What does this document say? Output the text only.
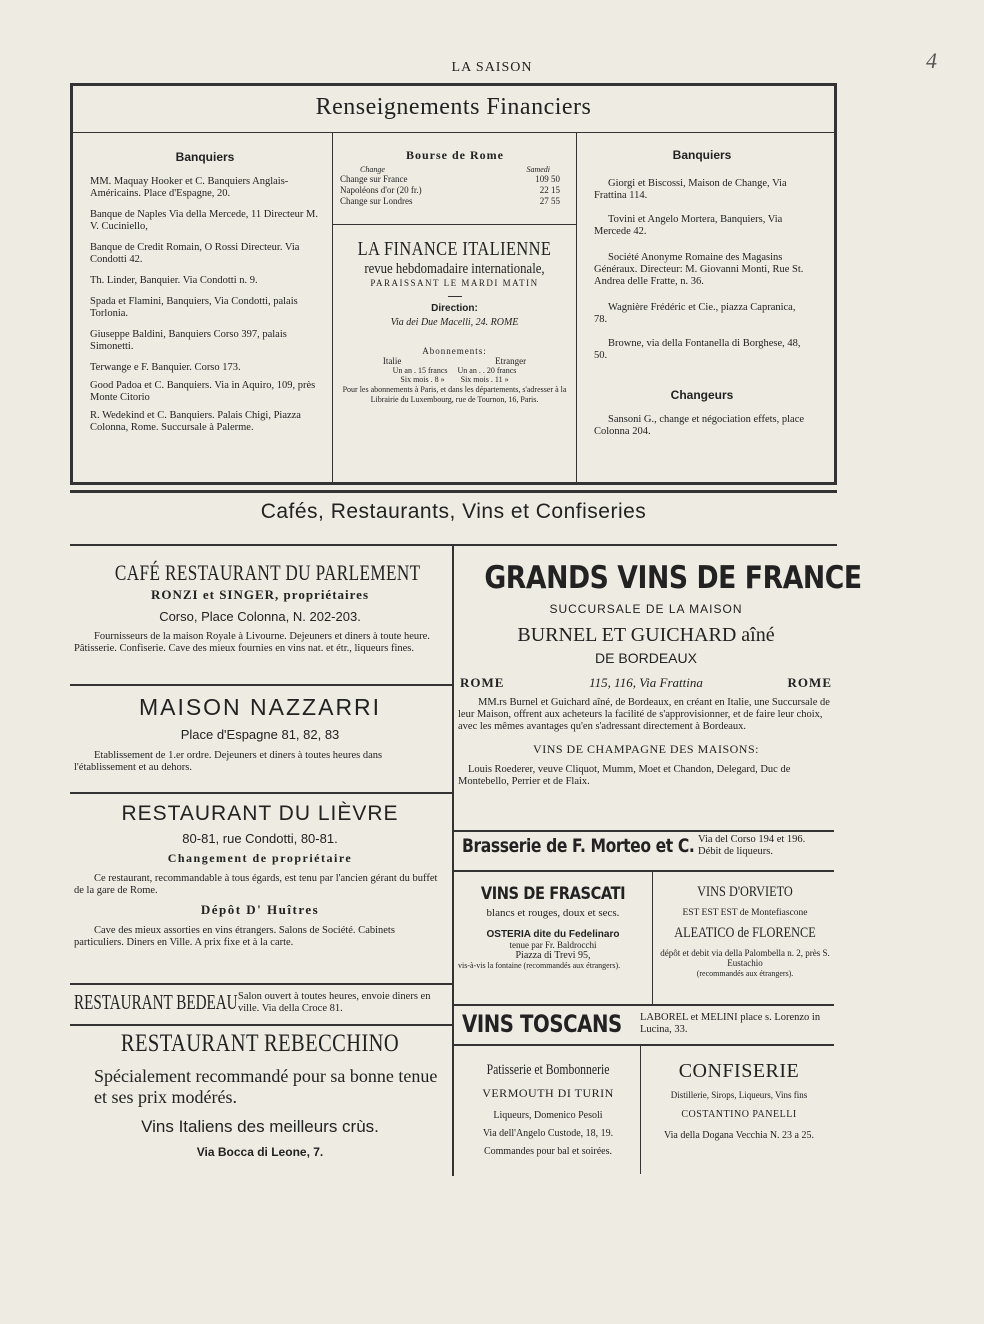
LA SAISON	4
Renseignements Financiers
Banquiers

MM. Maquay Hooker et C. Banquiers Anglais-Américains. Place d'Espagne, 20.

Banque de Naples Via della Mercede, 11 Directeur M. V. Cuciniello,

Banque de Credit Romain, O Rossi Directeur. Via Condotti 42.

Th. Linder, Banquier. Via Condotti n. 9.

Spada et Flamini, Banquiers, Via Condotti, palais Torlonia.

Giuseppe Baldini, Banquiers Corso 397, palais Simonetti.

Terwange e F. Banquier. Corso 173.

Good Padoa et C. Banquiers. Via in Aquiro, 109, près Monte Citorio

R. Wedekind et C. Banquiers. Palais Chigi, Piazza Colonna, Rome. Succursale à Palerme.

Bourse de Rome
Change	Samedi
Change sur France	109 50
Napoléons d'or (20 fr.)	22 15
Change sur Londres	27 55
LA FINANCE ITALIENNE
revue hebdomadaire internationale,
PARAISSANT LE MARDI MATIN
Direction:
Via dei Due Macelli, 24. ROME
Abonnements:
Italie	Etranger
Un an . 15 francs     Un an . . 20 francs
Six mois . 8 »        Six mois . 11 »
Pour les abonnements à Paris, et dans les départements, s'adresser à la Librairie du Luxembourg, rue de Tournon, 16, Paris.
Banquiers

Giorgi et Biscossi, Maison de Change, Via Frattina 114.

Tovini et Angelo Mortera, Banquiers, Via Mercede 42.

Société Anonyme Romaine des Magasins Généraux. Directeur: M. Giovanni Monti, Rue St. Andrea delle Fratte, n. 36.

Wagnière Frédéric et Cie., piazza Capranica, 78.

Browne, via della Fontanella di Borghese, 48, 50.

Changeurs

Sansoni G., change et négociation effets, place Colonna 204.

Cafés, Restaurants, Vins et Confiseries
CAFÉ RESTAURANT DU PARLEMENT
RONZI et SINGER, propriétaires
Corso, Place Colonna, N. 202-203.

Fournisseurs de la maison Royale à Livourne. Dejeuners et diners à toute heure. Pâtisserie. Confiserie. Cave des mieux fournies en vins nat. et étr., liqueurs fines.

MAISON NAZZARRI
Place d'Espagne 81, 82, 83

Etablissement de 1.er ordre. Dejeuners et diners à toutes heures dans l'établissement et au dehors.

RESTAURANT DU LIÈVRE
80-81, rue Condotti, 80-81.
Changement de propriétaire

Ce restaurant, recommandable à tous égards, est tenu par l'ancien gérant du buffet de la gare de Rome.

Dépôt D' Huîtres

Cave des mieux assorties en vins étrangers. Salons de Société. Cabinets particuliers. Diners en Ville. A prix fixe et à la carte.

RESTAURANT BEDEAU Salon ouvert à toutes heures, envoie diners en ville. Via della Croce 81.

RESTAURANT REBECCHINO

Spécialement recommandé pour sa bonne tenue et ses prix modérés.

Vins Italiens des meilleurs crùs.
Via Bocca di Leone, 7.
GRANDS VINS DE FRANCE
SUCCURSALE DE LA MAISON
BURNEL ET GUICHARD aîné
DE BORDEAUX
ROME	115, 116, Via Frattina	ROME

MM.rs Burnel et Guichard aîné, de Bordeaux, en créant en Italie, une Succursale de leur Maison, offrent aux acheteurs la facilité de s'approvisionner, et de faire leur choix, avec les mêmes avantages qu'en s'adressant directement à Bordeaux.

VINS DE CHAMPAGNE DES MAISONS:

Louis Roederer, veuve Cliquot, Mumm, Moet et Chandon, Delegard, Duc de Montebello, Perrier et de Flaix.

Brasserie de F. Morteo et C. Via del Corso 194 et 196. Débit de liqueurs.

VINS DE FRASCATI
blancs et rouges, doux et secs.
OSTERIA dite du Fedelinaro
tenue par Fr. Baldrocchi
Piazza di Trevi 95,

vis-à-vis la fontaine (recommandés aux étrangers).

VINS D'ORVIETO
EST EST EST de Montefiascone
ALEATICO de FLORENCE

dépôt et debit via della Palombella n. 2, près S. Eustachio

(recommandés aux étrangers).
VINS TOSCANS	LABOREL et MELINI place s. Lorenzo in Lucina, 33.

Patisserie et Bombonnerie
VERMOUTH DI TURIN
Liqueurs, Domenico Pesoli
Via dell'Angelo Custode, 18, 19.
Commandes pour bal et soirées.
CONFISERIE
Distillerie, Sirops, Liqueurs, Vins fins
COSTANTINO PANELLI

Via della Dogana Vecchia N. 23 a 25.
